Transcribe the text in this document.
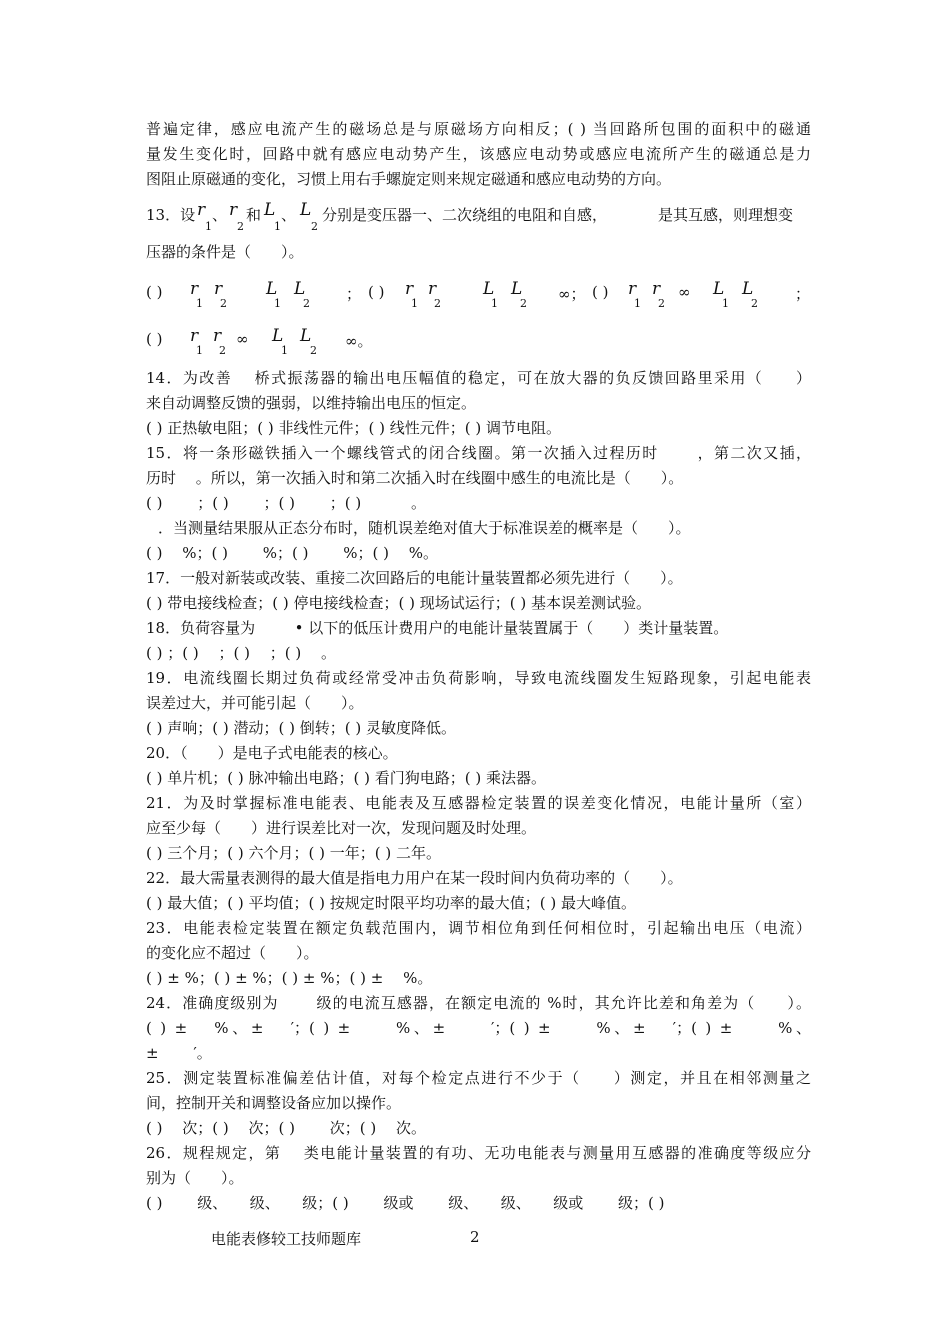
普遍定律，感应电流产生的磁场总是与原磁场方向相反；( ) 当回路所包围的面积中的磁通
量发生变化时，回路中就有感应电动势产生，该感应电动势或感应电流所产生的磁通总是力
图阻止原磁通的变化，习惯上用右手螺旋定则来规定磁通和感应电动势的方向。
13．设 r
1
、 r
2
和 L
1
、 L
2
分别是变压器一、二次绕组的电阻和自感，	是其互感，则理想变
压器的条件是（　　）。
( ) r
1
r
2
L
1
L
2
； ( ) r
1
r
2
L
1
L
2
∞； ( ) r
1
r
2
∞ L
1
L
2
；
( ) r
1
r
2
∞ L
1
L
2
∞。
14．为改善 　桥式振荡器的输出电压幅值的稳定，可在放大器的负反馈回路里采用（　　）
来自动调整反馈的强弱，以维持输出电压的恒定。
( ) 正热敏电阻；( ) 非线性元件；( ) 线性元件；( ) 调节电阻。
15．将一条形磁铁插入一个螺线管式的闭合线圈。第一次插入过程历时 　　，第二次又插，
历时 　。所以，第一次插入时和第二次插入时在线圈中感生的电流比是（　　）。
( ) 　　；( ) 　　；( ) 　　；( ) 　　　。
．当测量结果服从正态分布时，随机误差绝对值大于标准误差的概率是（　　）。
( ) 　%；( ) 　　%；( ) 　　%；( ) 　%。
17．一般对新装或改装、重接二次回路后的电能计量装置都必须先进行（　　）。
( ) 带电接线检查；( ) 停电接线检查；( ) 现场试运行；( ) 基本误差测试验。
18．负荷容量为 　　 • 以下的低压计费用户的电能计量装置属于（　　）类计量装置。
( ) ；( ) 　；( ) 　；( ) 　。
19．电流线圈长期过负荷或经常受冲击负荷影响，导致电流线圈发生短路现象，引起电能表
误差过大，并可能引起（　　）。
( ) 声响；( ) 潜动；( ) 倒转；( ) 灵敏度降低。
20．（　　）是电子式电能表的核心。
( ) 单片机；( ) 脉冲输出电路；( ) 看门狗电路；( ) 乘法器。
21．为及时掌握标准电能表、电能表及互感器检定装置的误差变化情况，电能计量所（室）
应至少每（　　）进行误差比对一次，发现问题及时处理。
( ) 三个月；( ) 六个月；( ) 一年；( ) 二年。
22．最大需量表测得的最大值是指电力用户在某一段时间内负荷功率的（　　）。
( ) 最大值；( ) 平均值；( ) 按规定时限平均功率的最大值；( ) 最大峰值。
23．电能表检定装置在额定负载范围内，调节相位角到任何相位时，引起输出电压（电流）
的变化应不超过（　　）。
( ) ± %；( ) ± %；( ) ± %；( ) ± 　%。
24．准确度级别为 　　级的电流互感器，在额定电流的 %时，其允许比差和角差为（　　）。
( ) ± 　%、± 　′；( ) ± 　　%、± 　　′；( ) ± 　　%、± 　′；( ) ± 　　%、
± 　　′。
25．测定装置标准偏差估计值，对每个检定点进行不少于（　　）测定，并且在相邻测量之
间，控制开关和调整设备应加以操作。
( ) 　次；( ) 　次；( ) 　　次；( ) 　次。
26．规程规定，第 　类电能计量装置的有功、无功电能表与测量用互感器的准确度等级应分
别为（　　）。
( ) 　　级、　　级、　　级；( ) 　　级或 　　级、　　级、　　级或 　　级；( )
电能表修较工技师题库	2
